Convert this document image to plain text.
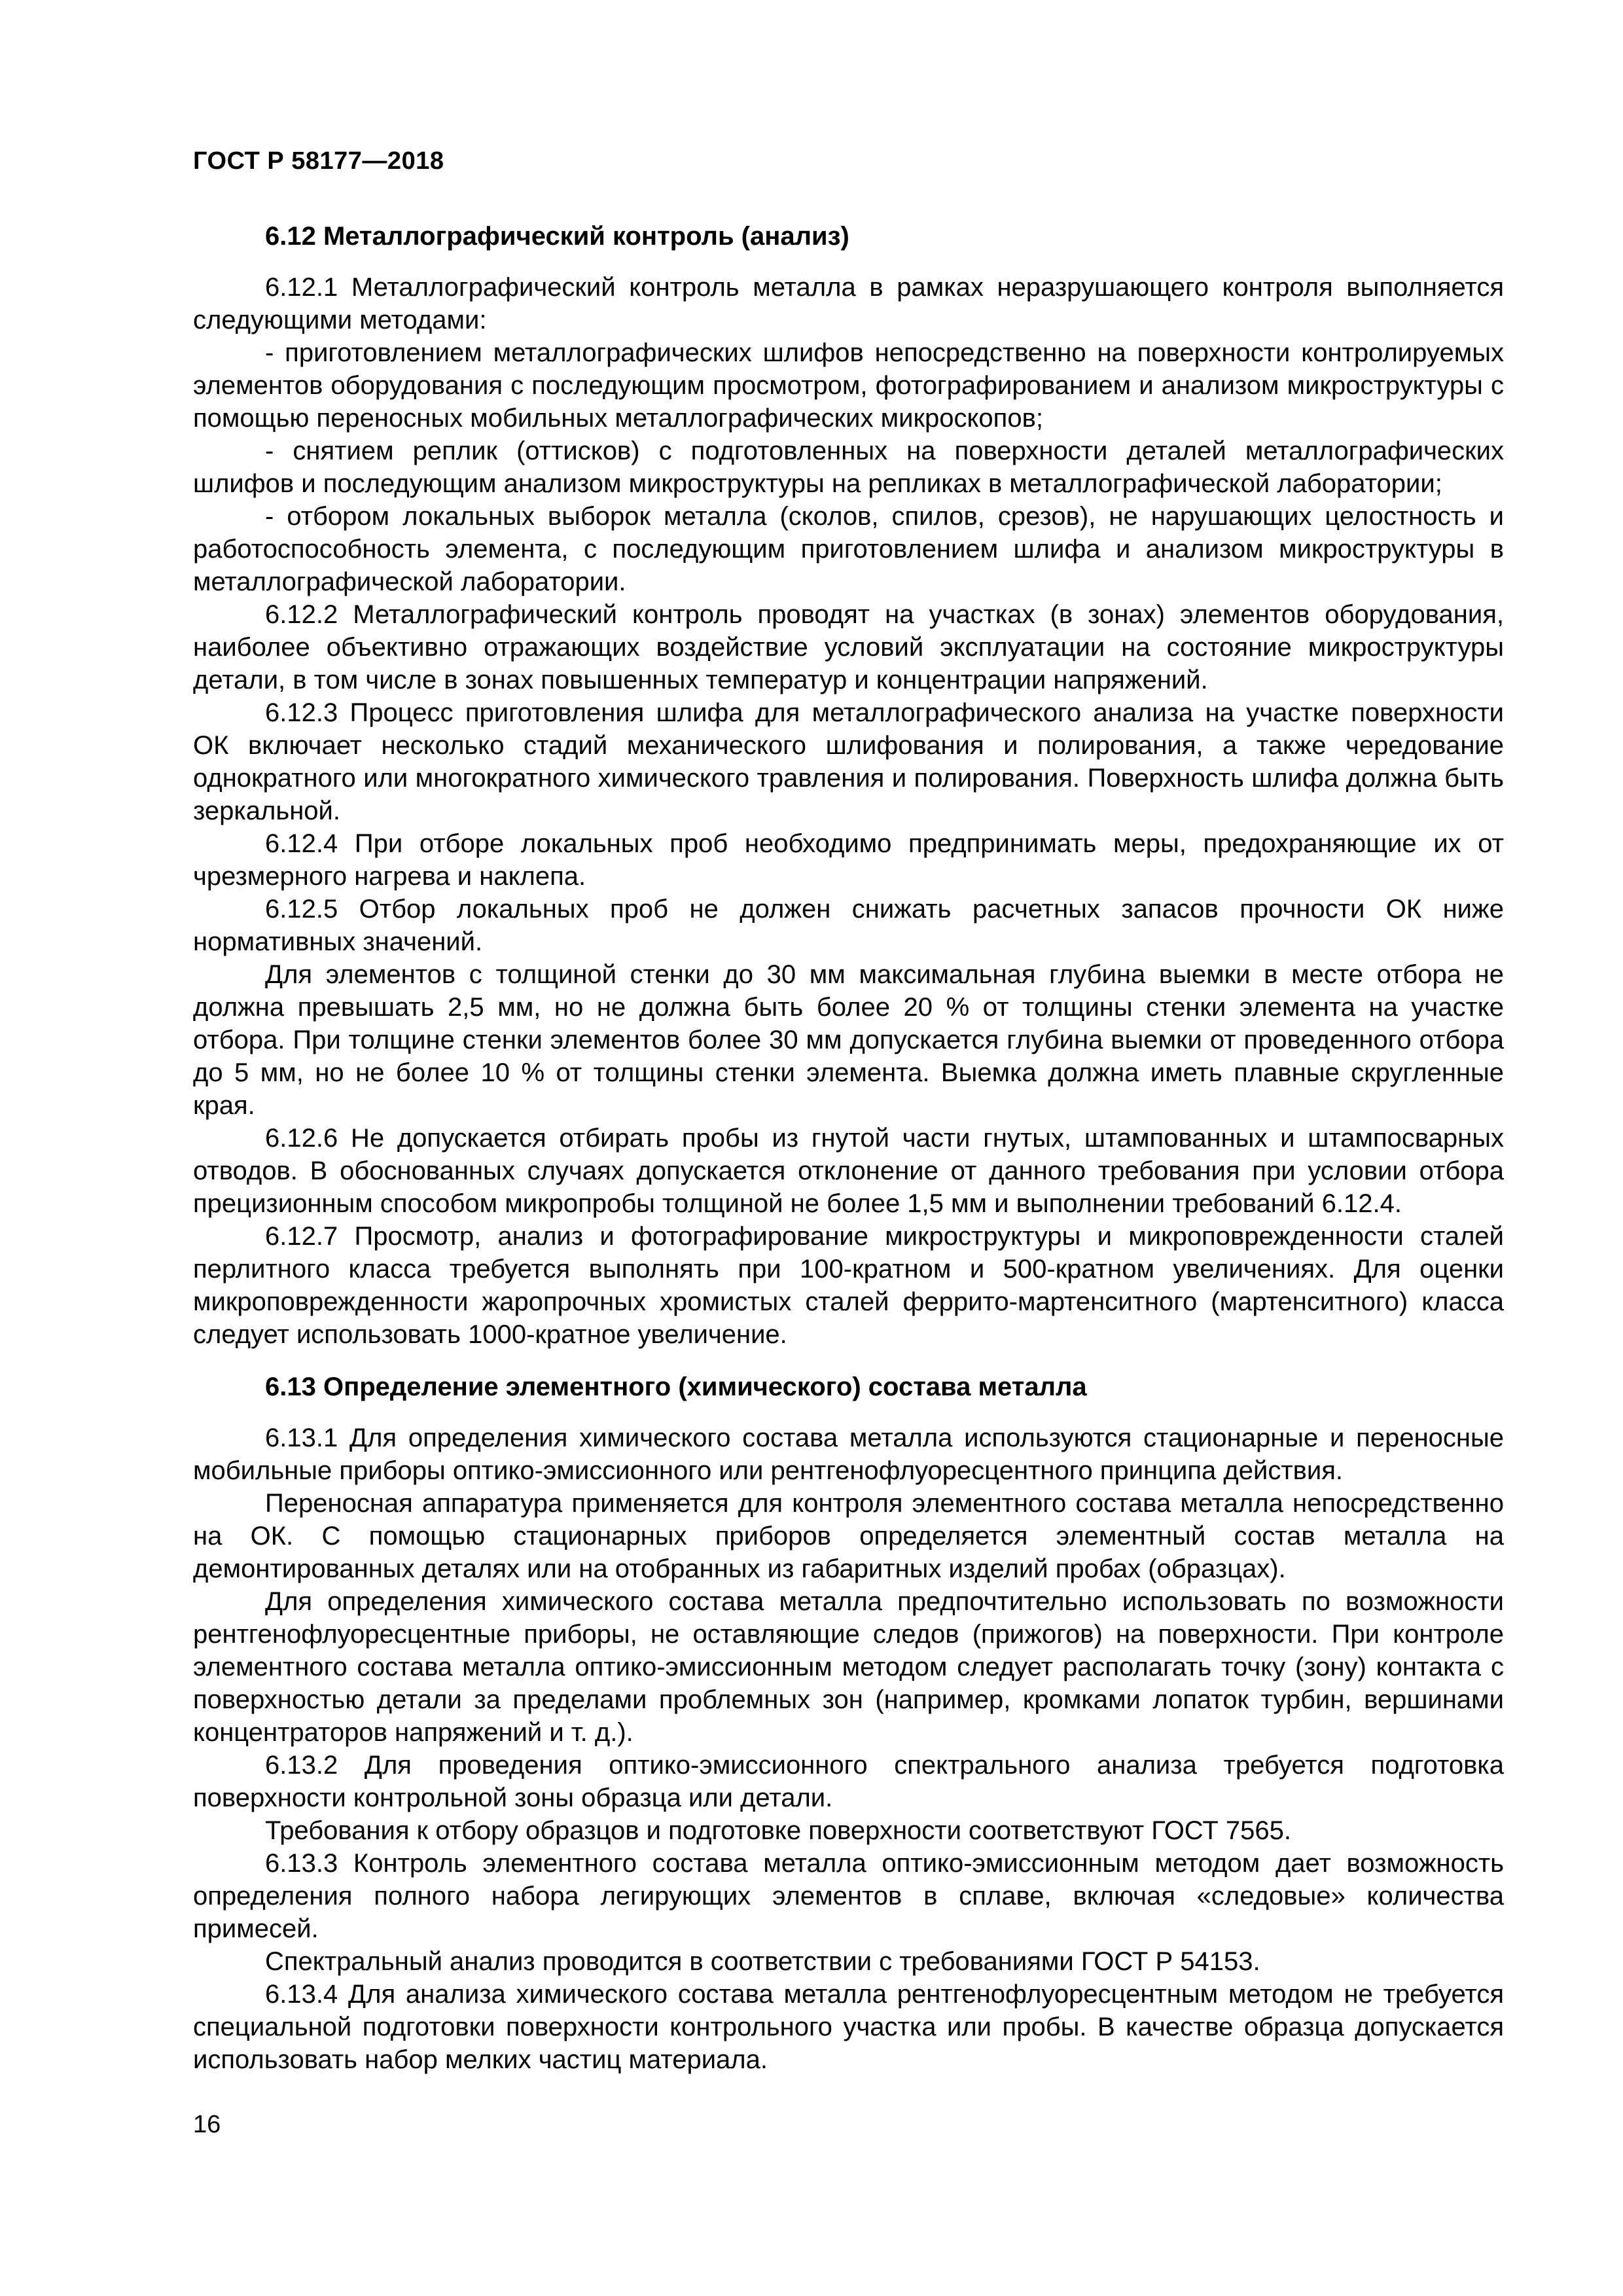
ГОСТ Р 58177—2018
6.12 Металлографический контроль (анализ)

6.12.1 Металлографический контроль металла в рамках неразрушающего контроля выполняется следующими методами:

- приготовлением металлографических шлифов непосредственно на поверхности контролируемых элементов оборудования с последующим просмотром, фотографированием и анализом микроструктуры с помощью переносных мобильных металлографических микроскопов;

- снятием реплик (оттисков) с подготовленных на поверхности деталей металлографических шлифов и последующим анализом микроструктуры на репликах в металлографической лаборатории;

- отбором локальных выборок металла (сколов, спилов, срезов), не нарушающих целостность и работоспособность элемента, с последующим приготовлением шлифа и анализом микроструктуры в металлографической лаборатории.

6.12.2 Металлографический контроль проводят на участках (в зонах) элементов оборудования, наиболее объективно отражающих воздействие условий эксплуатации на состояние микроструктуры детали, в том числе в зонах повышенных температур и концентрации напряжений.

6.12.3 Процесс приготовления шлифа для металлографического анализа на участке поверхности ОК включает несколько стадий механического шлифования и полирования, а также чередование однократного или многократного химического травления и полирования. Поверхность шлифа должна быть зеркальной.

6.12.4 При отборе локальных проб необходимо предпринимать меры, предохраняющие их от чрезмерного нагрева и наклепа.

6.12.5 Отбор локальных проб не должен снижать расчетных запасов прочности ОК ниже нормативных значений.

Для элементов с толщиной стенки до 30 мм максимальная глубина выемки в месте отбора не должна превышать 2,5 мм, но не должна быть более 20 % от толщины стенки элемента на участке отбора. При толщине стенки элементов более 30 мм допускается глубина выемки от проведенного отбора до 5 мм, но не более 10 % от толщины стенки элемента. Выемка должна иметь плавные скругленные края.

6.12.6 Не допускается отбирать пробы из гнутой части гнутых, штампованных и штампосварных отводов. В обоснованных случаях допускается отклонение от данного требования при условии отбора прецизионным способом микропробы толщиной не более 1,5 мм и выполнении требований 6.12.4.

6.12.7 Просмотр, анализ и фотографирование микроструктуры и микроповрежденности сталей перлитного класса требуется выполнять при 100-кратном и 500-кратном увеличениях. Для оценки микроповрежденности жаропрочных хромистых сталей феррито-мартенситного (мартенситного) класса следует использовать 1000-кратное увеличение.

6.13 Определение элементного (химического) состава металла

6.13.1 Для определения химического состава металла используются стационарные и переносные мобильные приборы оптико-эмиссионного или рентгенофлуоресцентного принципа действия.

Переносная аппаратура применяется для контроля элементного состава металла непосредственно на ОК. С помощью стационарных приборов определяется элементный состав металла на демонтированных деталях или на отобранных из габаритных изделий пробах (образцах).

Для определения химического состава металла предпочтительно использовать по возможности рентгенофлуоресцентные приборы, не оставляющие следов (прижогов) на поверхности. При контроле элементного состава металла оптико-эмиссионным методом следует располагать точку (зону) контакта с поверхностью детали за пределами проблемных зон (например, кромками лопаток турбин, вершинами концентраторов напряжений и т. д.).

6.13.2 Для проведения оптико-эмиссионного спектрального анализа требуется подготовка поверхности контрольной зоны образца или детали.

Требования к отбору образцов и подготовке поверхности соответствуют ГОСТ 7565.

6.13.3 Контроль элементного состава металла оптико-эмиссионным методом дает возможность определения полного набора легирующих элементов в сплаве, включая «следовые» количества примесей.

Спектральный анализ проводится в соответствии с требованиями ГОСТ Р 54153.

6.13.4 Для анализа химического состава металла рентгенофлуоресцентным методом не требуется специальной подготовки поверхности контрольного участка или пробы. В качестве образца допускается использовать набор мелких частиц материала.

16
